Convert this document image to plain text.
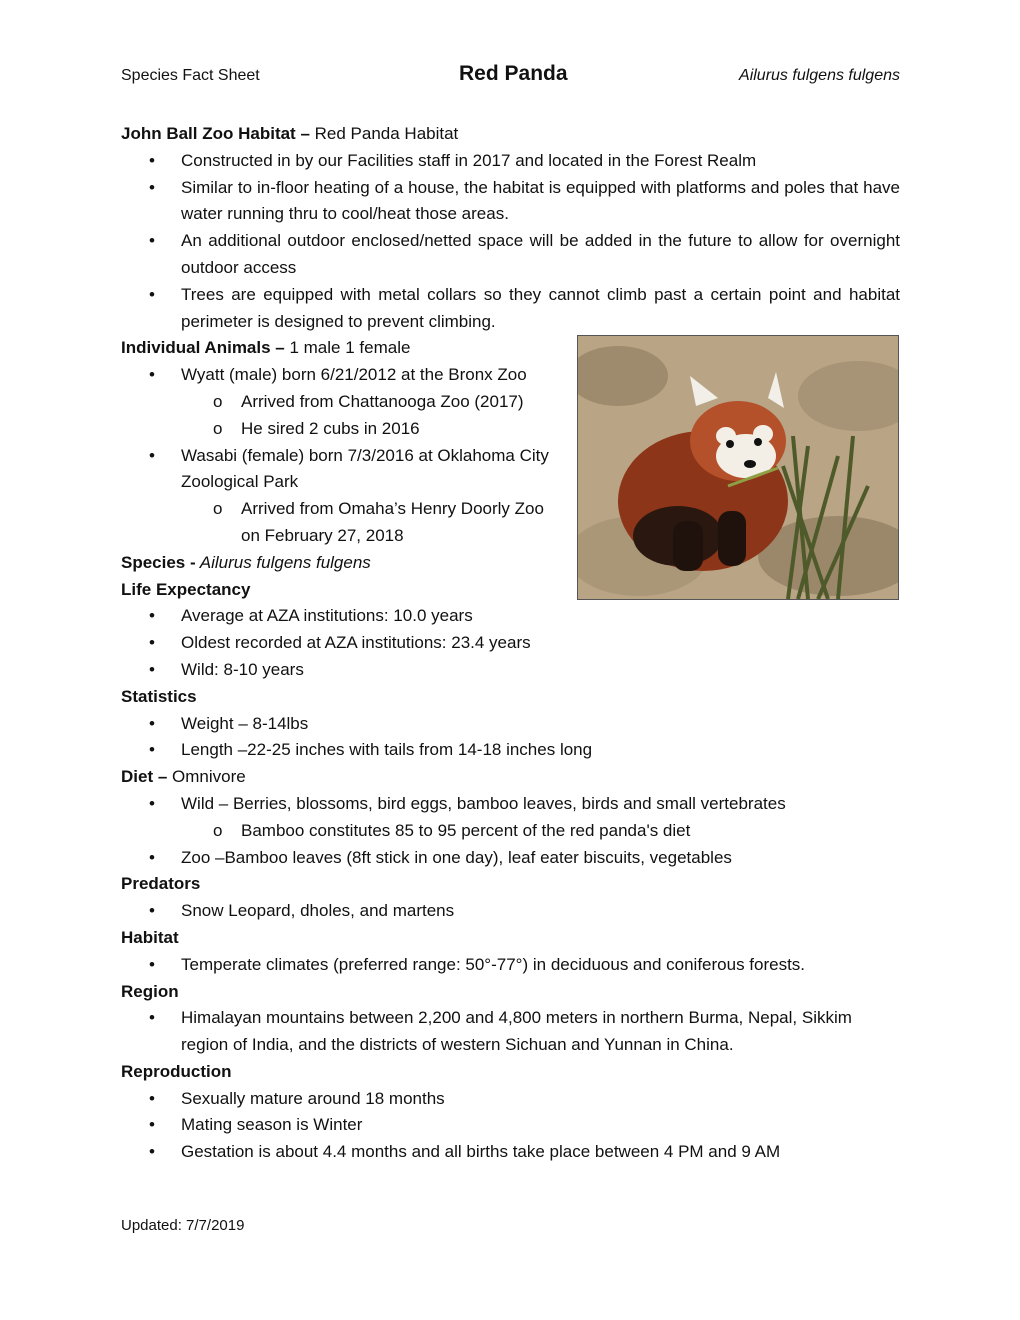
Species Fact Sheet	Red Panda	Ailurus fulgens fulgens

John Ball Zoo Habitat – Red Panda Habitat

• Constructed in by our Facilities staff in 2017 and located in the Forest Realm
• Similar to in-floor heating of a house, the habitat is equipped with platforms and poles that have water running thru to cool/heat those areas.
• An additional outdoor enclosed/netted space will be added in the future to allow for overnight outdoor access
• Trees are equipped with metal collars so they cannot climb past a certain point and habitat perimeter is designed to prevent climbing.

Individual Animals – 1 male 1 female

• Wyatt (male) born 6/21/2012 at the Bronx Zoo
o Arrived from Chattanooga Zoo (2017)
o He sired 2 cubs in 2016
• Wasabi (female) born 7/3/2016 at Oklahoma City Zoological Park
o Arrived from Omaha’s Henry Doorly Zoo on February 27, 2018

Species - Ailurus fulgens fulgens

Life Expectancy

• Average at AZA institutions: 10.0 years
• Oldest recorded at AZA institutions: 23.4 years
• Wild: 8-10 years

Statistics

• Weight – 8-14lbs
• Length –22-25 inches with tails from 14-18 inches long

Diet – Omnivore

• Wild – Berries, blossoms, bird eggs, bamboo leaves, birds and small vertebrates
o Bamboo constitutes 85 to 95 percent of the red panda's diet
• Zoo –Bamboo leaves (8ft stick in one day), leaf eater biscuits, vegetables

Predators

• Snow Leopard, dholes, and martens

Habitat

• Temperate climates (preferred range: 50°-77°) in deciduous and coniferous forests.

Region

• Himalayan mountains between 2,200 and 4,800 meters in northern Burma, Nepal, Sikkim region of India, and the districts of western Sichuan and Yunnan in China.

Reproduction

• Sexually mature around 18 months
• Mating season is Winter
• Gestation is about 4.4 months and all births take place between 4 PM and 9 AM
Updated: 7/7/2019
